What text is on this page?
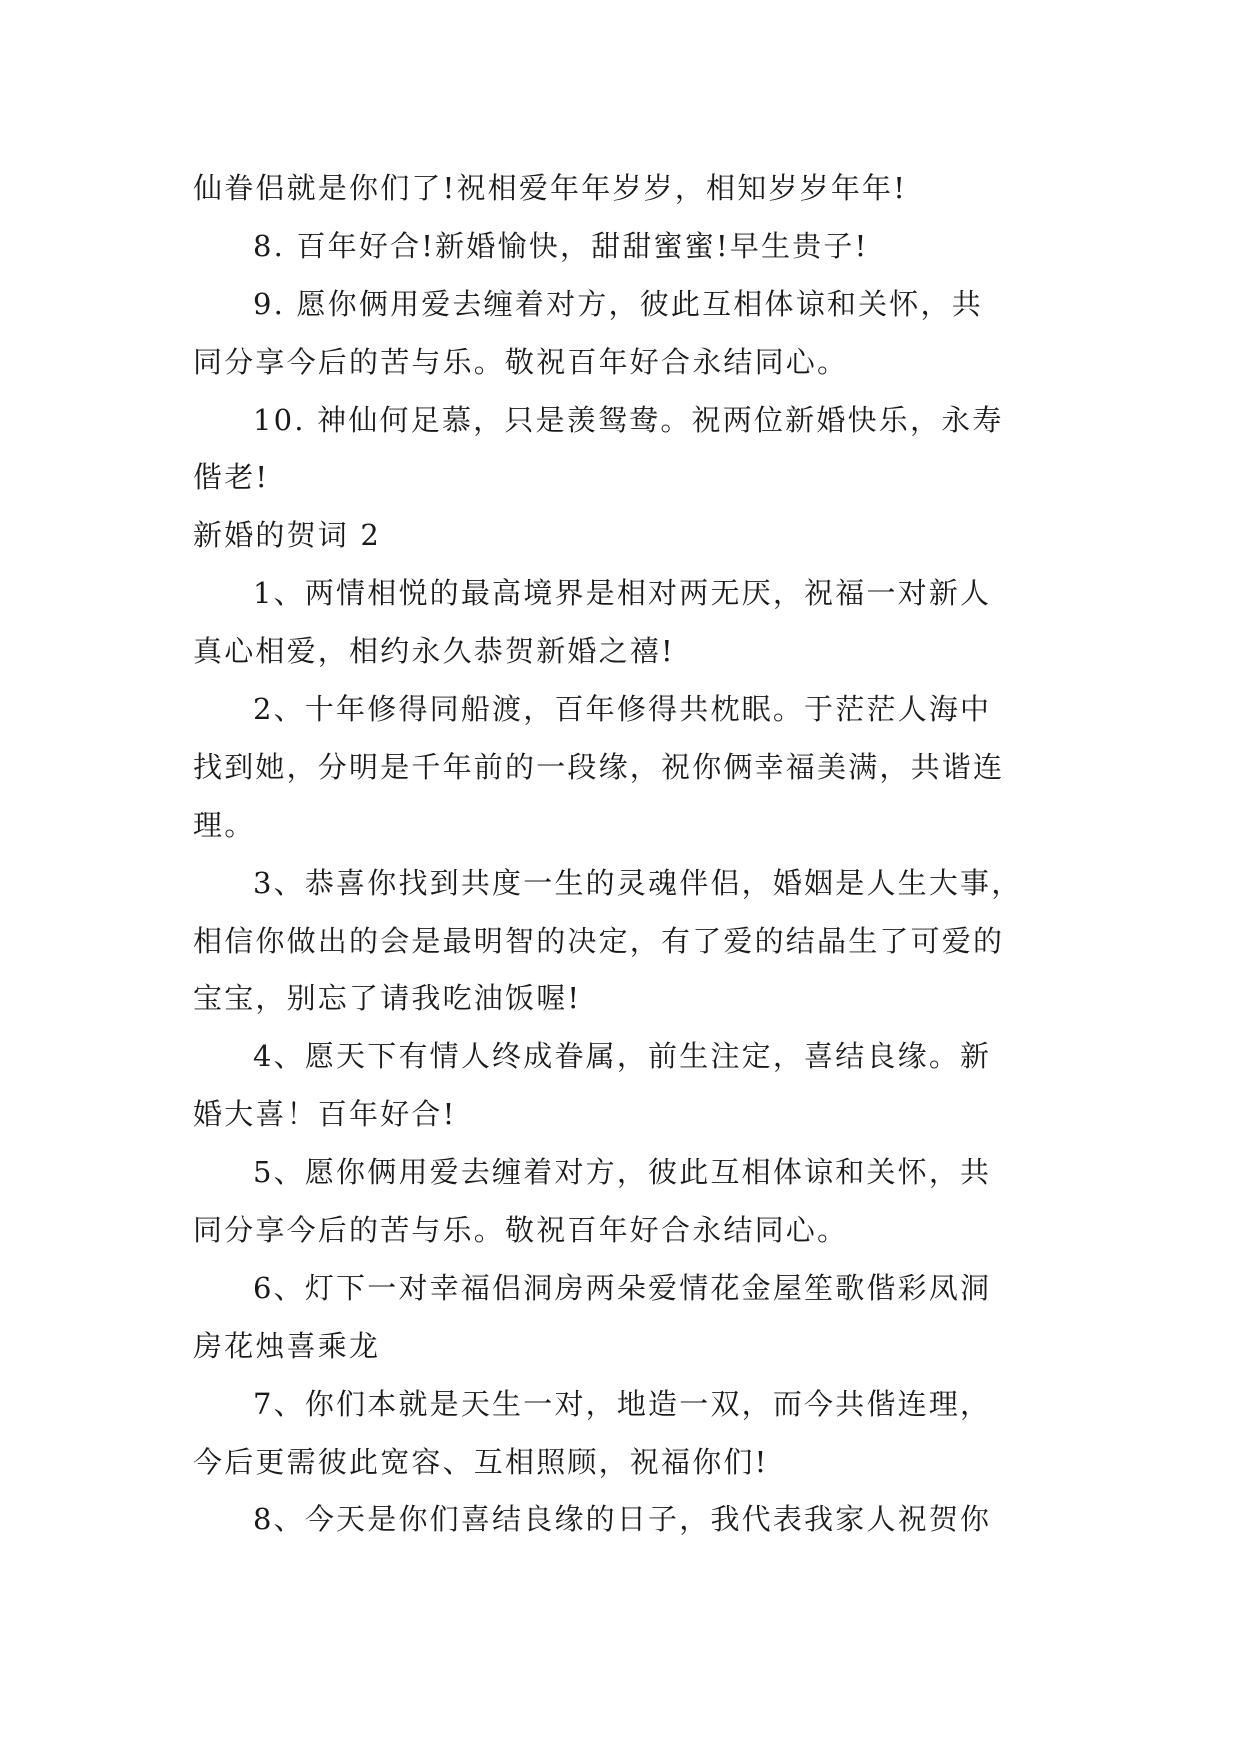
仙眷侣就是你们了!祝相爱年年岁岁，相知岁岁年年!
8. 百年好合!新婚愉快，甜甜蜜蜜!早生贵子!
9. 愿你俩用爱去缠着对方，彼此互相体谅和关怀，共
同分享今后的苦与乐。敬祝百年好合永结同心。
10. 神仙何足慕，只是羡鸳鸯。祝两位新婚快乐，永寿
偕老!
新婚的贺词 2
1、两情相悦的最高境界是相对两无厌，祝福一对新人
真心相爱，相约永久恭贺新婚之禧!
2、十年修得同船渡，百年修得共枕眠。于茫茫人海中
找到她，分明是千年前的一段缘，祝你俩幸福美满，共谐连
理。
3、恭喜你找到共度一生的灵魂伴侣，婚姻是人生大事，
相信你做出的会是最明智的决定，有了爱的结晶生了可爱的
宝宝，别忘了请我吃油饭喔!
4、愿天下有情人终成眷属，前生注定，喜结良缘。新
婚大喜！百年好合!
5、愿你俩用爱去缠着对方，彼此互相体谅和关怀，共
同分享今后的苦与乐。敬祝百年好合永结同心。
6、灯下一对幸福侣洞房两朵爱情花金屋笙歌偕彩凤洞
房花烛喜乘龙
7、你们本就是天生一对，地造一双，而今共偕连理，
今后更需彼此宽容、互相照顾，祝福你们!
8、今天是你们喜结良缘的日子，我代表我家人祝贺你
